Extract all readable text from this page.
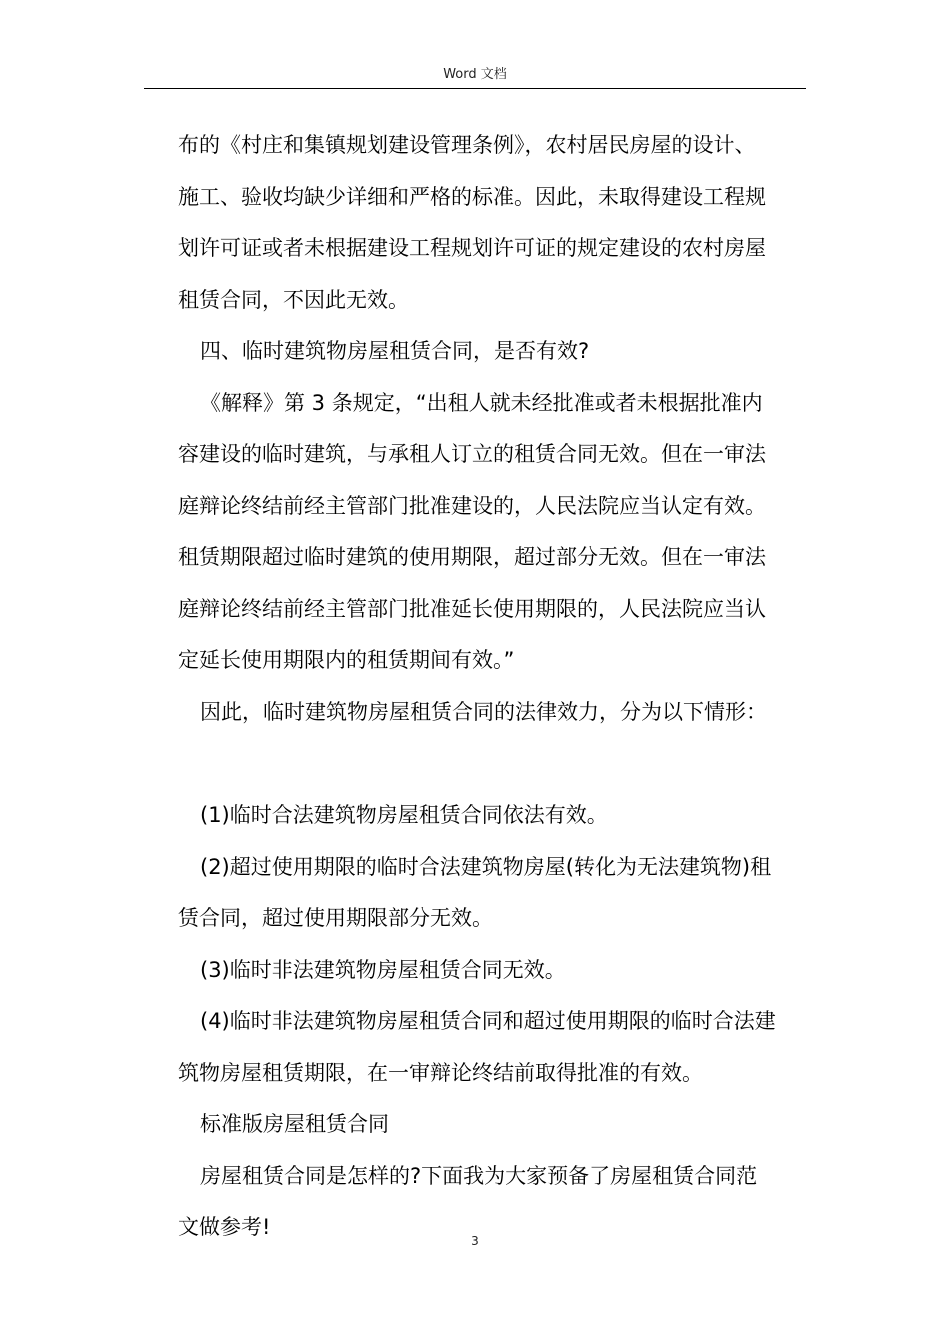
Word 文档
布的《村庄和集镇规划建设管理条例》，农村居民房屋的设计、
施工、验收均缺少详细和严格的标准。因此，未取得建设工程规
划许可证或者未根据建设工程规划许可证的规定建设的农村房屋
租赁合同，不因此无效。
四、临时建筑物房屋租赁合同，是否有效?
《解释》第 3 条规定，“出租人就未经批准或者未根据批准内
容建设的临时建筑，与承租人订立的租赁合同无效。但在一审法
庭辩论终结前经主管部门批准建设的，人民法院应当认定有效。
租赁期限超过临时建筑的使用期限，超过部分无效。但在一审法
庭辩论终结前经主管部门批准延长使用期限的，人民法院应当认
定延长使用期限内的租赁期间有效。”
因此，临时建筑物房屋租赁合同的法律效力，分为以下情形：
(1)临时合法建筑物房屋租赁合同依法有效。
(2)超过使用期限的临时合法建筑物房屋(转化为无法建筑物)租
赁合同，超过使用期限部分无效。
(3)临时非法建筑物房屋租赁合同无效。
(4)临时非法建筑物房屋租赁合同和超过使用期限的临时合法建
筑物房屋租赁期限，在一审辩论终结前取得批准的有效。
标准版房屋租赁合同
房屋租赁合同是怎样的?下面我为大家预备了房屋租赁合同范
文做参考!
3
